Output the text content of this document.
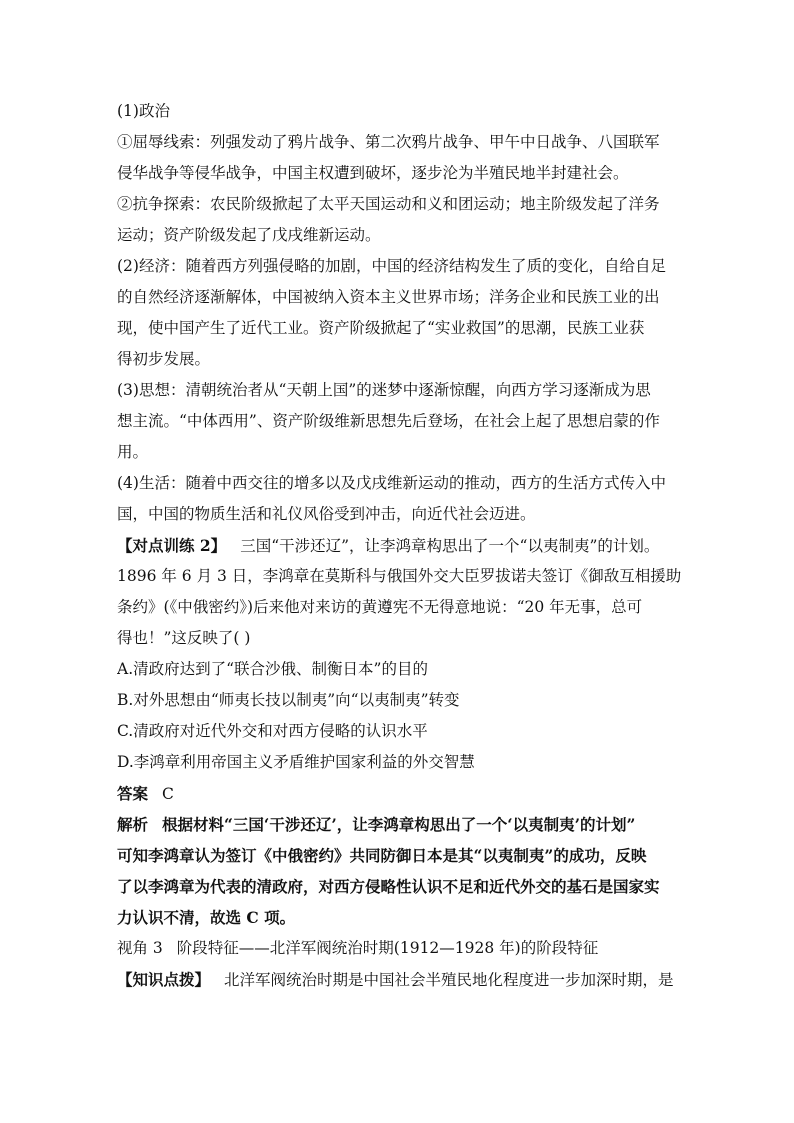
(1)政治
①屈辱线索：列强发动了鸦片战争、第二次鸦片战争、甲午中日战争、八国联军
侵华战争等侵华战争，中国主权遭到破坏，逐步沦为半殖民地半封建社会。
②抗争探索：农民阶级掀起了太平天国运动和义和团运动；地主阶级发起了洋务
运动；资产阶级发起了戊戌维新运动。
(2)经济：随着西方列强侵略的加剧，中国的经济结构发生了质的变化，自给自足
的自然经济逐渐解体，中国被纳入资本主义世界市场；洋务企业和民族工业的出
现，使中国产生了近代工业。资产阶级掀起了“实业救国”的思潮，民族工业获
得初步发展。
(3)思想：清朝统治者从“天朝上国”的迷梦中逐渐惊醒，向西方学习逐渐成为思
想主流。“中体西用”、资产阶级维新思想先后登场，在社会上起了思想启蒙的作
用。
(4)生活：随着中西交往的增多以及戊戌维新运动的推动，西方的生活方式传入中
国，中国的物质生活和礼仪风俗受到冲击，向近代社会迈进。
【对点训练 2】 三国“干涉还辽”，让李鸿章构思出了一个“以夷制夷”的计划。
1896 年 6 月 3 日，李鸿章在莫斯科与俄国外交大臣罗拔诺夫签订《御敌互相援助
条约》(《中俄密约》)后来他对来访的黄遵宪不无得意地说：“20 年无事，总可
得也！”这反映了( )
A.清政府达到了“联合沙俄、制衡日本”的目的
B.对外思想由“师夷长技以制夷”向“以夷制夷”转变
C.清政府对近代外交和对西方侵略的认识水平
D.李鸿章利用帝国主义矛盾维护国家利益的外交智慧
答案 C
解析 根据材料“三国‘干涉还辽’，让李鸿章构思出了一个‘以夷制夷’的计划”
可知李鸿章认为签订《中俄密约》共同防御日本是其“以夷制夷”的成功，反映
了以李鸿章为代表的清政府，对西方侵略性认识不足和近代外交的基石是国家实
力认识不清，故选 C 项。
视角 3 阶段特征——北洋军阀统治时期(1912—1928 年)的阶段特征
【知识点拨】 北洋军阀统治时期是中国社会半殖民地化程度进一步加深时期，是
